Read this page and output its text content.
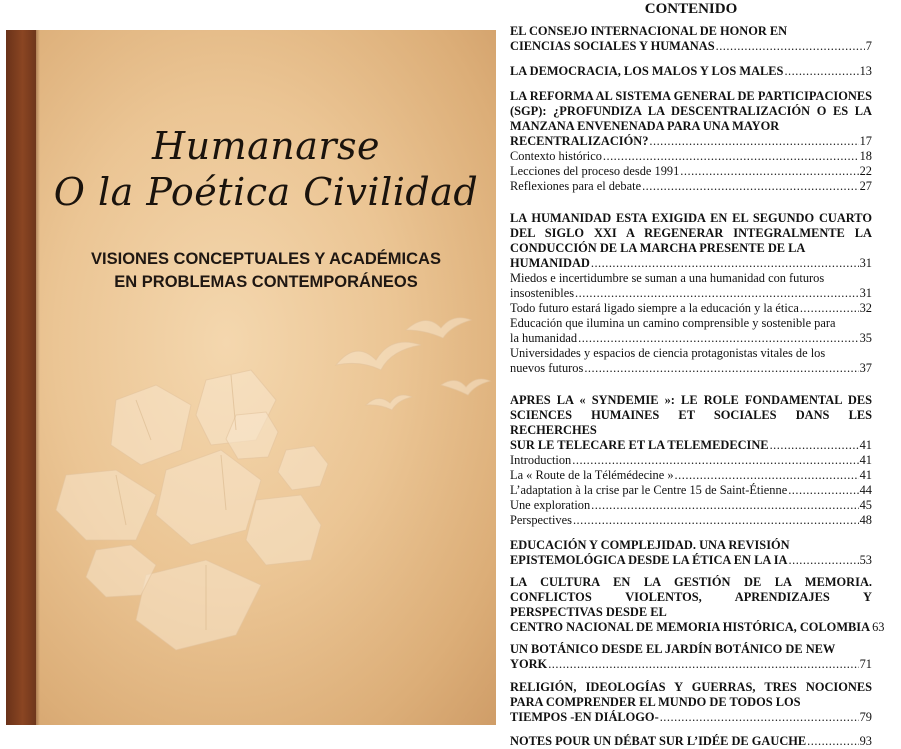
Humanarse
O la Poética Civilidad
VISIONES CONCEPTUALES Y ACADÉMICAS
EN PROBLEMAS CONTEMPORÁNEOS
CONTENIDO
EL CONSEJO INTERNACIONAL DE HONOR EN
CIENCIAS SOCIALES Y HUMANAS .....	7
LA DEMOCRACIA, LOS MALOS Y LOS MALES .....	13
LA REFORMA AL SISTEMA GENERAL DE PARTICIPACIONES (SGP): ¿PROFUNDIZA LA DESCENTRALIZACIÓN O ES LA MANZANA ENVENENADA PARA UNA MAYOR
RECENTRALIZACIÓN? .....	17
Contexto histórico .....	18
Lecciones del proceso desde 1991 .....	22
Reflexiones para el debate .....	27
LA HUMANIDAD ESTA EXIGIDA EN EL SEGUNDO CUARTO DEL SIGLO XXI A REGENERAR INTEGRALMENTE LA CONDUCCIÓN DE LA MARCHA PRESENTE DE LA
HUMANIDAD .....	31
Miedos e incertidumbre se suman a una humanidad con futuros
insostenibles .....	31
Todo futuro estará ligado siempre a la educación y la ética .....	32
Educación que ilumina un camino comprensible y sostenible para
la humanidad .....	35
Universidades y espacios de ciencia protagonistas vitales de los
nuevos futuros .....	37
APRES LA « SYNDEMIE »: LE ROLE FONDAMENTAL DES SCIENCES HUMAINES ET SOCIALES DANS LES RECHERCHES
SUR LE TELECARE ET LA TELEMEDECINE .....	41
Introduction .....	41
La « Route de la Télémédecine » .....	41
L’adaptation à la crise par le Centre 15 de Saint-Étienne .....	44
Une exploration .....	45
Perspectives .....	48
EDUCACIÓN Y COMPLEJIDAD. UNA REVISIÓN
EPISTEMOLÓGICA DESDE LA ÉTICA EN LA IA .....	53
LA CULTURA EN LA GESTIÓN DE LA MEMORIA. CONFLICTOS VIOLENTOS, APRENDIZAJES Y PERSPECTIVAS DESDE EL
CENTRO NACIONAL DE MEMORIA HISTÓRICA, COLOMBIA 63
UN BOTÁNICO DESDE EL JARDÍN BOTÁNICO DE NEW
YORK .....	71
RELIGIÓN, IDEOLOGÍAS Y GUERRAS, TRES NOCIONES PARA COMPRENDER EL MUNDO DE TODOS LOS
TIEMPOS -EN DIÁLOGO- .....	79
NOTES POUR UN DÉBAT SUR L’IDÉE DE GAUCHE .....	93
